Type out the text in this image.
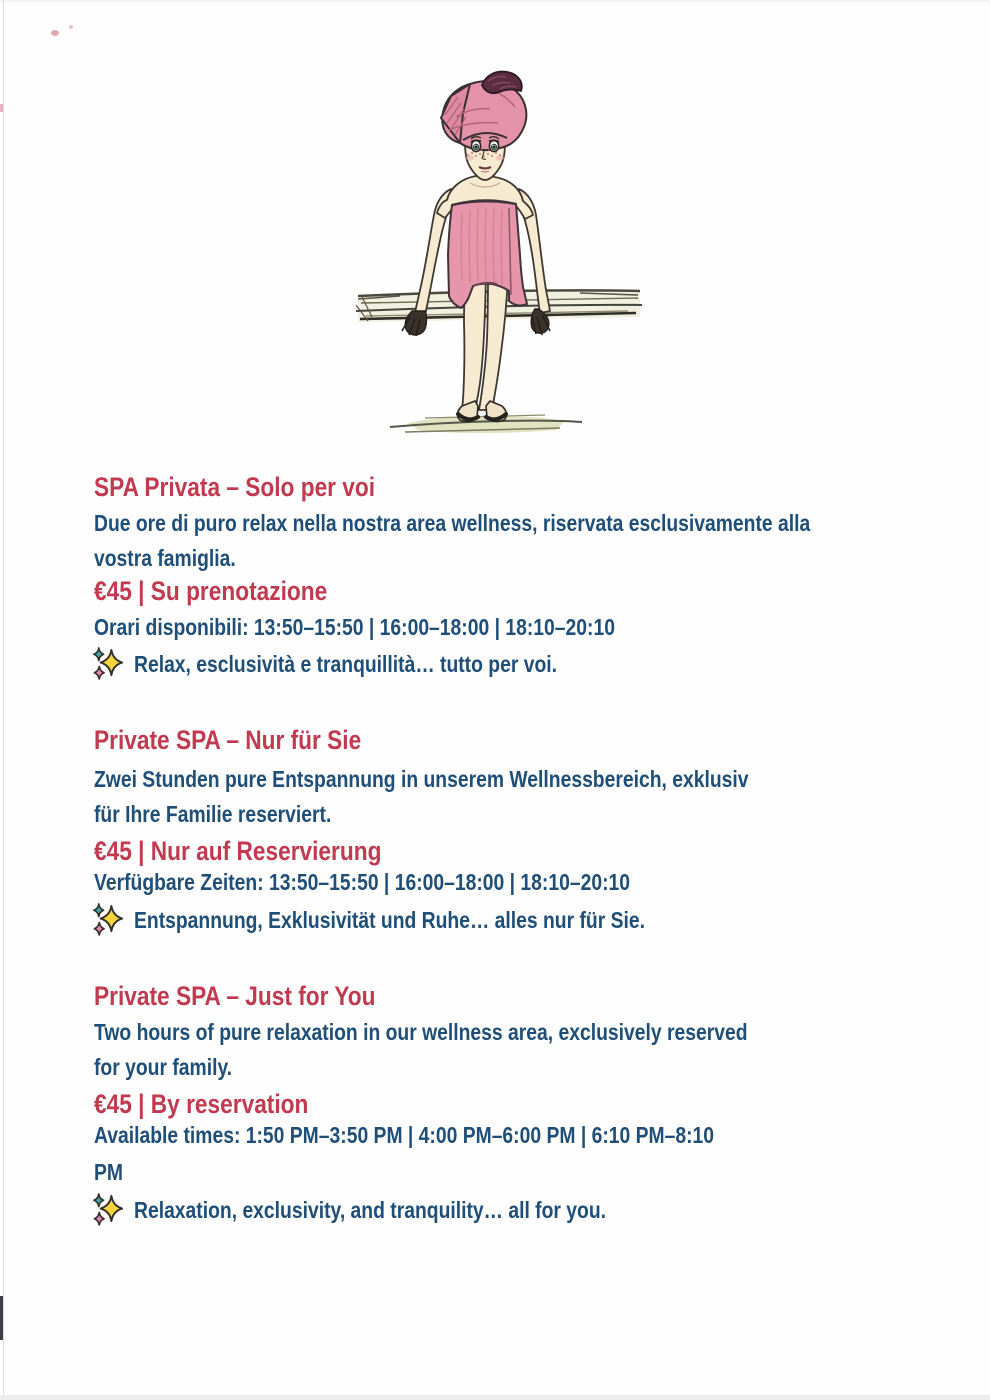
SPA Privata – Solo per voi
Due ore di puro relax nella nostra area wellness, riservata esclusivamente alla
vostra famiglia.
€45 | Su prenotazione
Orari disponibili: 13:50–15:50 | 16:00–18:00 | 18:10–20:10
Relax, esclusività e tranquillità… tutto per voi.
Private SPA – Nur für Sie
Zwei Stunden pure Entspannung in unserem Wellnessbereich, exklusiv
für Ihre Familie reserviert.
€45 | Nur auf Reservierung
Verfügbare Zeiten: 13:50–15:50 | 16:00–18:00 | 18:10–20:10
Entspannung, Exklusivität und Ruhe… alles nur für Sie.
Private SPA – Just for You
Two hours of pure relaxation in our wellness area, exclusively reserved
for your family.
€45 | By reservation
Available times: 1:50 PM–3:50 PM | 4:00 PM–6:00 PM | 6:10 PM–8:10
PM
Relaxation, exclusivity, and tranquility… all for you.
